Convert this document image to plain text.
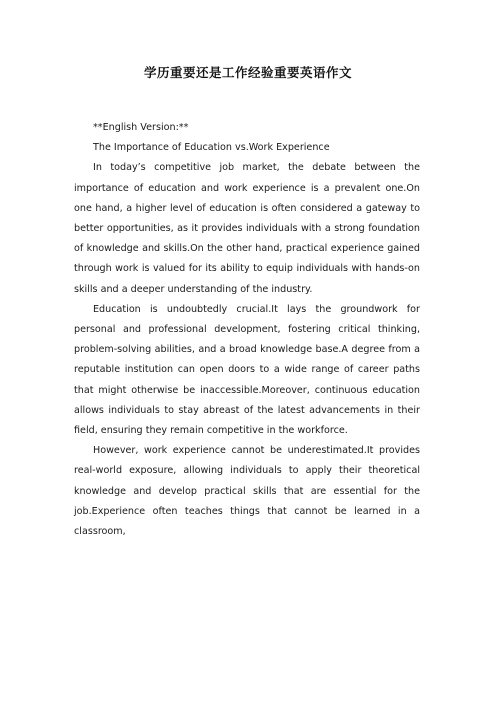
学历重要还是工作经验重要英语作文

**English Version:**

The Importance of Education vs.Work Experience

In today’s competitive job market, the debate between the importance of education and work experience is a prevalent one.On one hand, a higher level of education is often considered a gateway to better opportunities, as it provides individuals with a strong foundation of knowledge and skills.On the other hand, practical experience gained through work is valued for its ability to equip individuals with hands-on skills and a deeper understanding of the industry.

Education is undoubtedly crucial.It lays the groundwork for personal and professional development, fostering critical thinking, problem-solving abilities, and a broad knowledge base.A degree from a reputable institution can open doors to a wide range of career paths that might otherwise be inaccessible.Moreover, continuous education allows individuals to stay abreast of the latest advancements in their field, ensuring they remain competitive in the workforce.

However, work experience cannot be underestimated.It provides real-world exposure, allowing individuals to apply their theoretical knowledge and develop practical skills that are essential for the job.Experience often teaches things that cannot be learned in a classroom,
